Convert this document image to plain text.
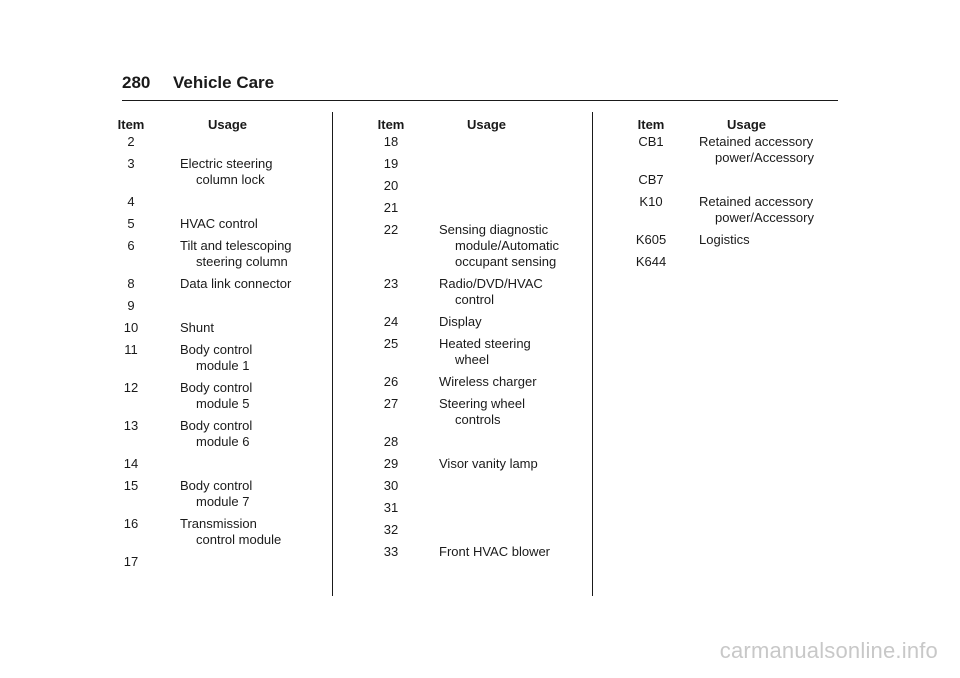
280 Vehicle Care
Item	Usage
2
3	Electric steering
column lock
4
5	HVAC control
6	Tilt and telescoping
steering column
8	Data link connector
9
10	Shunt
11	Body control
module 1
12	Body control
module 5
13	Body control
module 6
14
15	Body control
module 7
16	Transmission
control module
17
Item	Usage
18
19
20
21
22	Sensing diagnostic
module/Automatic
occupant sensing
23	Radio/DVD/HVAC
control
24	Display
25	Heated steering
wheel
26	Wireless charger
27	Steering wheel
controls
28
29	Visor vanity lamp
30
31
32
33	Front HVAC blower
Item	Usage
CB1	Retained accessory
power/Accessory
CB7
K10	Retained accessory
power/Accessory
K605	Logistics
K644
carmanualsonline.info
